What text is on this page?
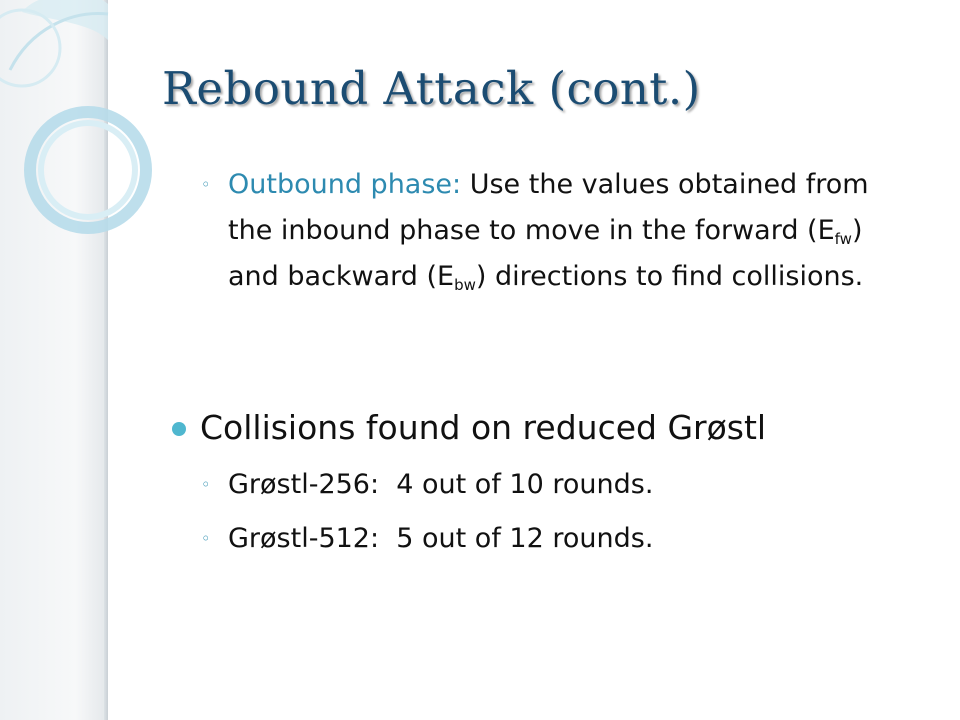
Rebound Attack (cont.)
◦ Outbound phase: Use the values obtained from the inbound phase to move in the forward $(E_{fw})$ and backward $(E_{bw})$ directions to find collisions.
Collisions found on reduced Grøstl
◦ Grøstl-256: 4 out of 10 rounds.
◦ Grøstl-512: 5 out of 12 rounds.
